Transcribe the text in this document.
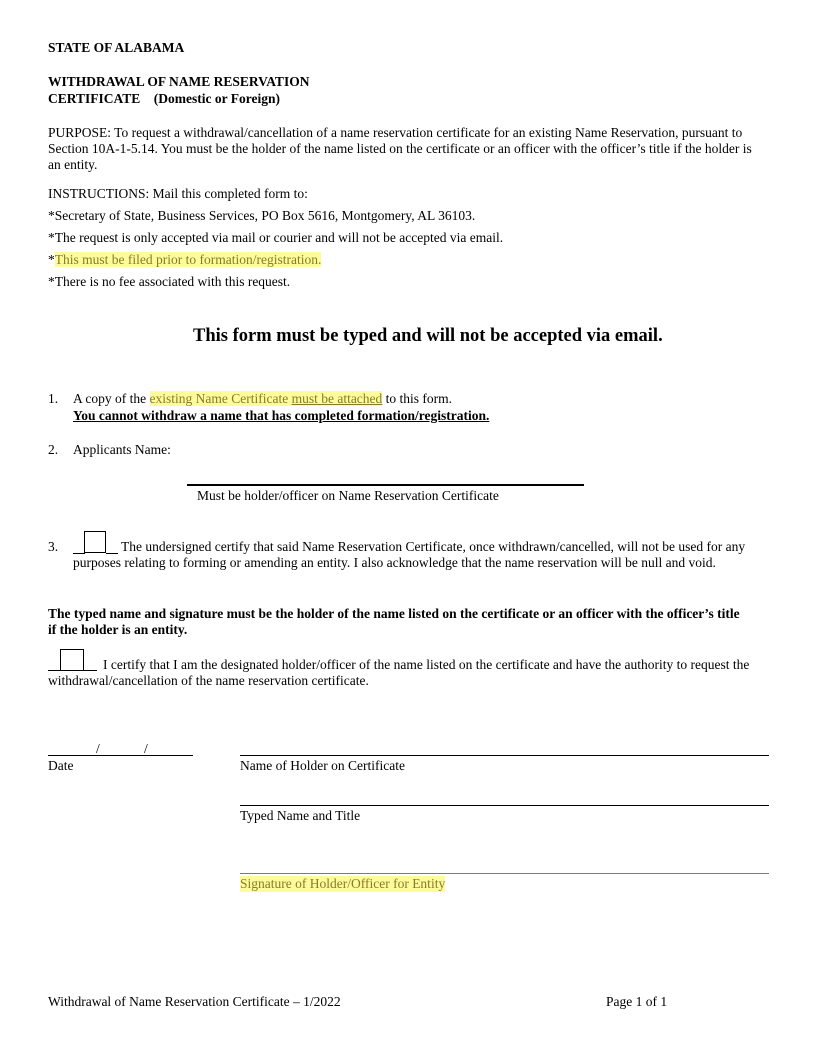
STATE OF ALABAMA
WITHDRAWAL OF NAME RESERVATION
CERTIFICATE (Domestic or Foreign)
PURPOSE: To request a withdrawal/cancellation of a name reservation certificate for an existing Name Reservation, pursuant to Section 10A-1-5.14. You must be the holder of the name listed on the certificate or an officer with the officer’s title if the holder is an entity.
INSTRUCTIONS: Mail this completed form to:
*Secretary of State, Business Services, PO Box 5616, Montgomery, AL 36103.
*The request is only accepted via mail or courier and will not be accepted via email.
*This must be filed prior to formation/registration.
*There is no fee associated with this request.
This form must be typed and will not be accepted via email.
1. A copy of the existing Name Certificate must be attached to this form.
You cannot withdraw a name that has completed formation/registration.
2. Applicants Name:
Must be holder/officer on Name Reservation Certificate
3.	The undersigned certify that said Name Reservation Certificate, once withdrawn/cancelled, will not be used for any purposes relating to forming or amending an entity. I also acknowledge that the name reservation will be null and void.
The typed name and signature must be the holder of the name listed on the certificate or an officer with the officer’s title if the holder is an entity.
I certify that I am the designated holder/officer of the name listed on the certificate and have the authority to request the withdrawal/cancellation of the name reservation certificate.
/	/
Date	Name of Holder on Certificate
Typed Name and Title
Signature of Holder/Officer for Entity
Withdrawal of Name Reservation Certificate – 1/2022	Page 1 of 1
